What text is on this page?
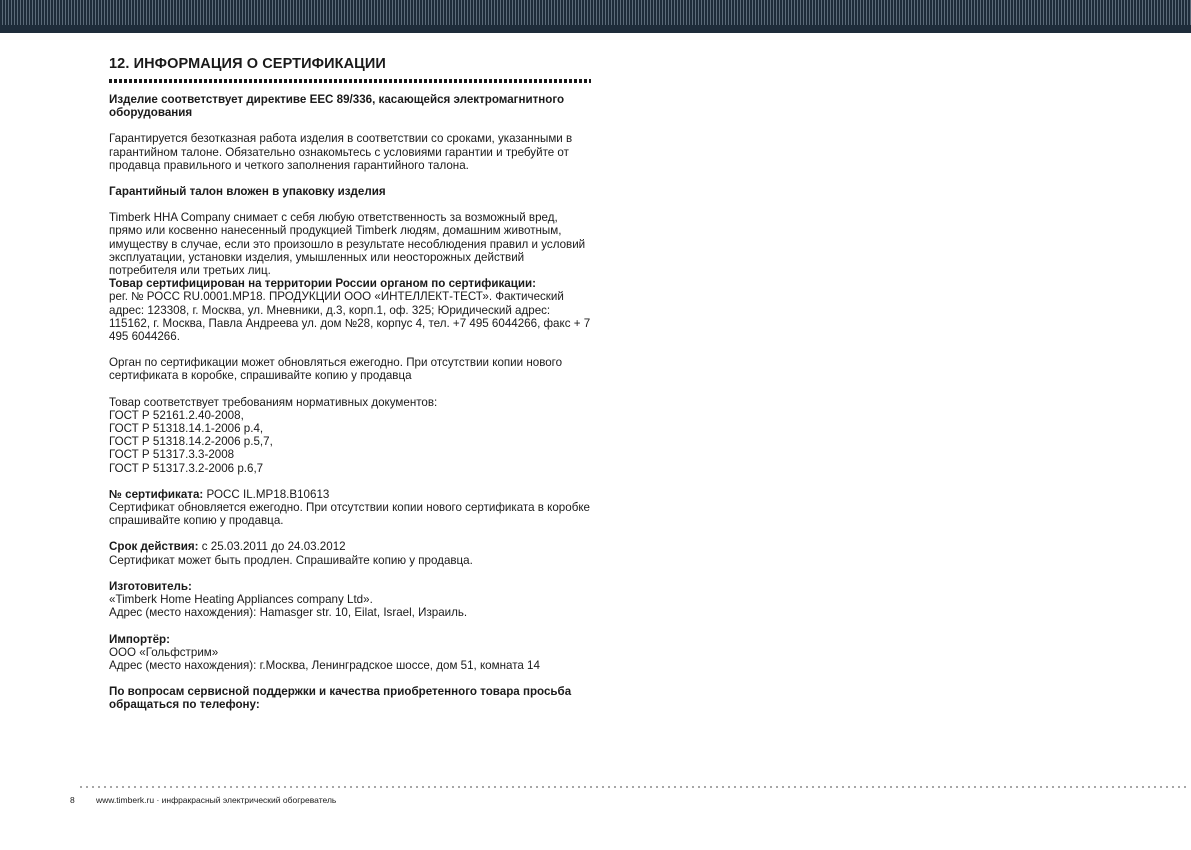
12. ИНФОРМАЦИЯ О СЕРТИФИКАЦИИ

Изделие соответствует директиве ЕЕС 89/336, касающейся электромагнитного оборудования

Гарантируется безотказная работа изделия в соответствии со сроками, указанными в гарантийном талоне. Обязательно ознакомьтесь с условиями гарантии и требуйте от продавца правильного и четкого заполнения гарантийного талона.

Гарантийный талон вложен в упаковку изделия

Timberk HHA Company снимает с себя любую ответственность за возможный вред, прямо или косвенно нанесенный продукцией Timberk людям, домашним животным, имуществу в случае, если это произошло в результате несоблюдения правил и условий эксплуатации, установки изделия, умышленных или неосторожных действий потребителя или третьих лиц.

Товар сертифицирован на территории России органом по сертификации:
рег. № РОСС RU.0001.МР18. ПРОДУКЦИИ ООО «ИНТЕЛЛЕКТ-ТЕСТ». Фактический адрес: 123308, г. Москва, ул. Мневники, д.3, корп.1, оф. 325; Юридический адрес: 115162, г. Москва, Павла Андреева ул. дом №28, корпус 4, тел. +7 495 6044266, факс + 7 495 6044266.

Орган по сертификации может обновляться ежегодно. При отсутствии копии нового сертификата в коробке, спрашивайте копию у продавца

Товар соответствует требованиям нормативных документов:

ГОСТ Р 52161.2.40-2008,

ГОСТ Р 51318.14.1-2006 р.4,

ГОСТ Р 51318.14.2-2006 р.5,7,

ГОСТ Р 51317.3.3-2008

ГОСТ Р 51317.3.2-2006 р.6,7

№ сертификата: РОСС IL.МР18.В10613

Сертификат обновляется ежегодно. При отсутствии копии нового сертификата в коробке спрашивайте копию у продавца.

Срок действия: с 25.03.2011 до 24.03.2012

Сертификат может быть продлен. Спрашивайте копию у продавца.

Изготовитель:

«Timberk Home Heating Appliances company Ltd».

Адрес (место нахождения): Hamasger str. 10, Eilat, Israel, Израиль.

Импортёр:

ООО «Гольфстрим»

Адрес (место нахождения): г.Москва, Ленинградское шоссе, дом 51, комната 14

По вопросам сервисной поддержки и качества приобретенного товара просьба обращаться по телефону:

8	www.timberk.ru · инфракрасный электрический обогреватель
